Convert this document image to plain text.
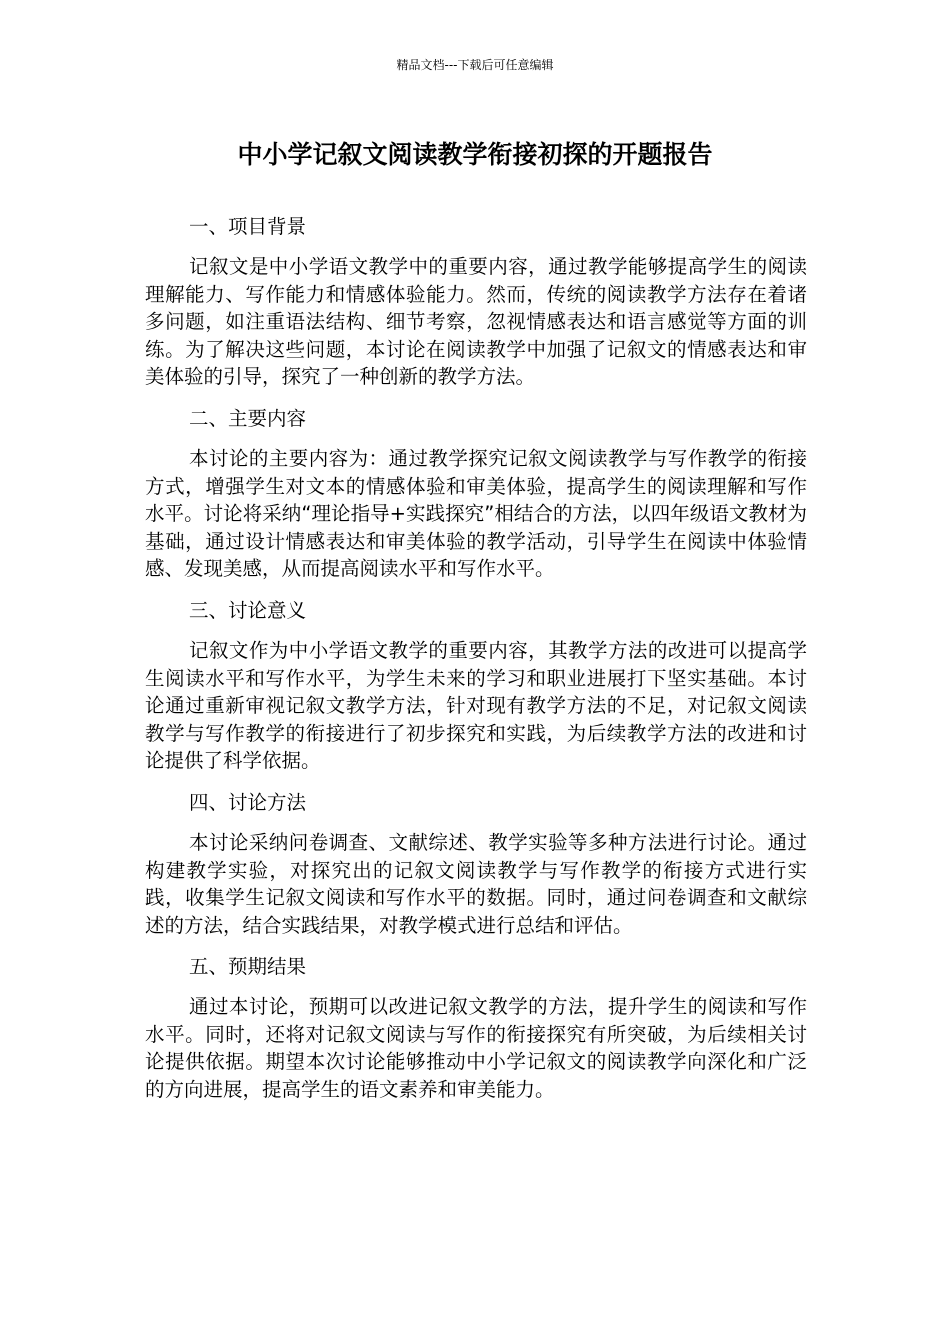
精品文档---下载后可任意编辑
中小学记叙文阅读教学衔接初探的开题报告
一、项目背景

记叙文是中小学语文教学中的重要内容，通过教学能够提高学生的阅读理解能力、写作能力和情感体验能力。然而，传统的阅读教学方法存在着诸多问题，如注重语法结构、细节考察，忽视情感表达和语言感觉等方面的训练。为了解决这些问题，本讨论在阅读教学中加强了记叙文的情感表达和审美体验的引导，探究了一种创新的教学方法。

二、主要内容

本讨论的主要内容为：通过教学探究记叙文阅读教学与写作教学的衔接方式，增强学生对文本的情感体验和审美体验，提高学生的阅读理解和写作水平。讨论将采纳“理论指导+实践探究”相结合的方法，以四年级语文教材为基础，通过设计情感表达和审美体验的教学活动，引导学生在阅读中体验情感、发现美感，从而提高阅读水平和写作水平。

三、讨论意义

记叙文作为中小学语文教学的重要内容，其教学方法的改进可以提高学生阅读水平和写作水平，为学生未来的学习和职业进展打下坚实基础。本讨论通过重新审视记叙文教学方法，针对现有教学方法的不足，对记叙文阅读教学与写作教学的衔接进行了初步探究和实践，为后续教学方法的改进和讨论提供了科学依据。

四、讨论方法

本讨论采纳问卷调查、文献综述、教学实验等多种方法进行讨论。通过构建教学实验，对探究出的记叙文阅读教学与写作教学的衔接方式进行实践，收集学生记叙文阅读和写作水平的数据。同时，通过问卷调查和文献综述的方法，结合实践结果，对教学模式进行总结和评估。

五、预期结果

通过本讨论，预期可以改进记叙文教学的方法，提升学生的阅读和写作水平。同时，还将对记叙文阅读与写作的衔接探究有所突破，为后续相关讨论提供依据。期望本次讨论能够推动中小学记叙文的阅读教学向深化和广泛的方向进展，提高学生的语文素养和审美能力。
